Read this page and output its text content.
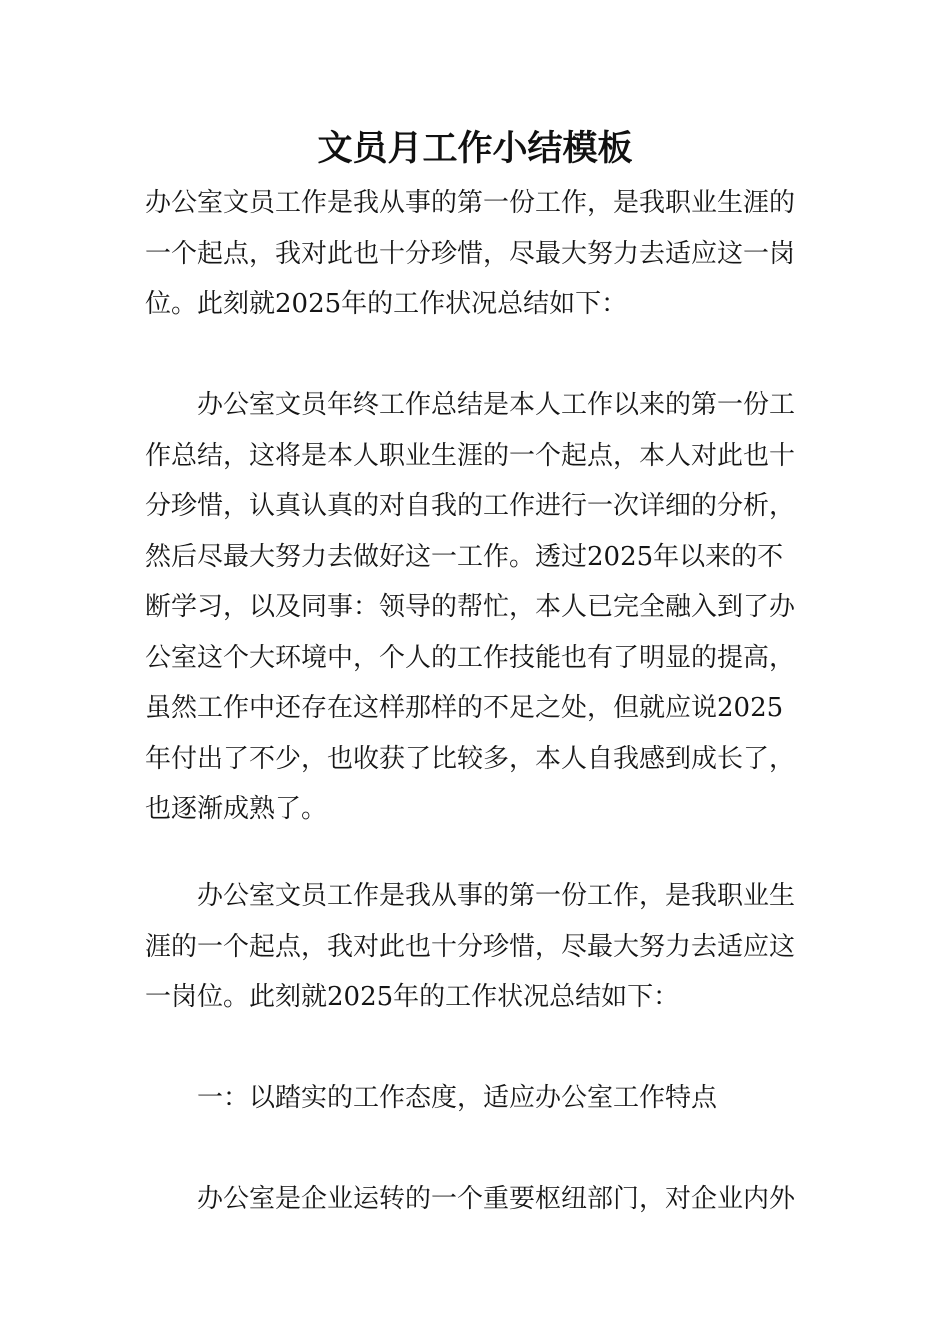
文员月工作小结模板

办公室文员工作是我从事的第一份工作，是我职业生涯的一个起点，我对此也十分珍惜，尽最大努力去适应这一岗位。此刻就2025年的工作状况总结如下：

办公室文员年终工作总结是本人工作以来的第一份工作总结，这将是本人职业生涯的一个起点，本人对此也十分珍惜，认真认真的对自我的工作进行一次详细的分析，然后尽最大努力去做好这一工作。透过2025年以来的不断学习，以及同事：领导的帮忙，本人已完全融入到了办公室这个大环境中，个人的工作技能也有了明显的提高，虽然工作中还存在这样那样的不足之处，但就应说2025年付出了不少，也收获了比较多，本人自我感到成长了，也逐渐成熟了。

办公室文员工作是我从事的第一份工作，是我职业生涯的一个起点，我对此也十分珍惜，尽最大努力去适应这一岗位。此刻就2025年的工作状况总结如下：

一：以踏实的工作态度，适应办公室工作特点

办公室是企业运转的一个重要枢纽部门，对企业内外
